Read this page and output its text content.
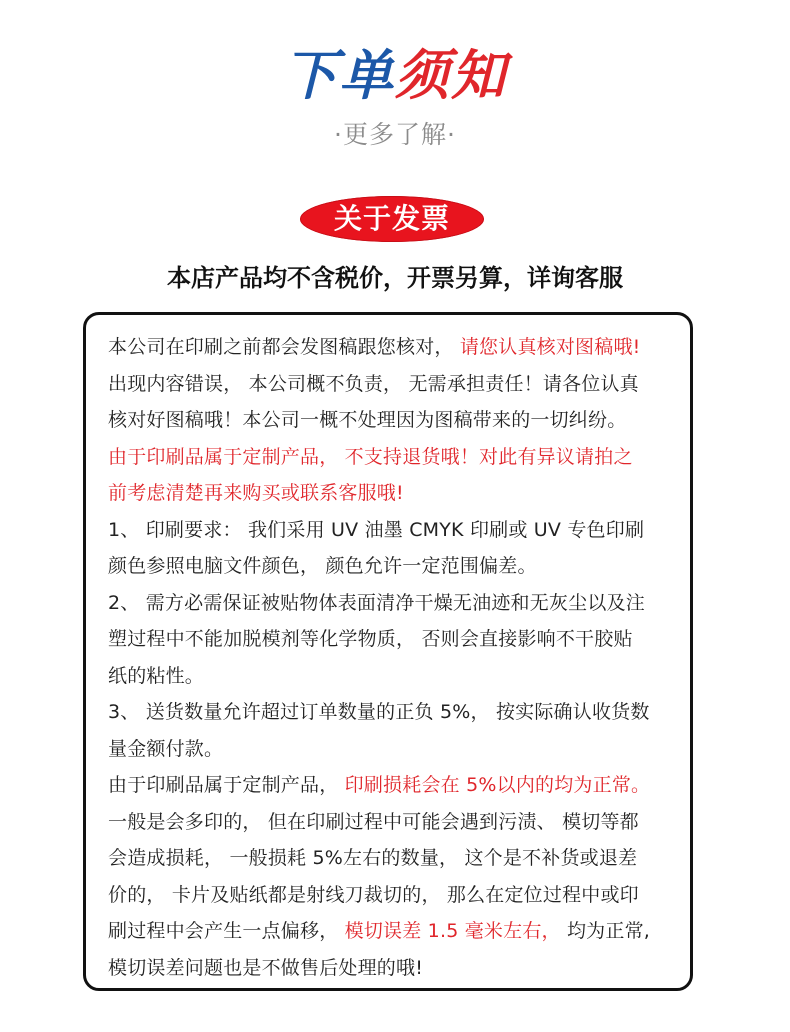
下单须知
·更多了解·
关于发票
本店产品均不含税价，开票另算，详询客服
本公司在印刷之前都会发图稿跟您核对， 请您认真核对图稿哦!
出现内容错误， 本公司概不负责， 无需承担责任！请各位认真
核对好图稿哦！本公司一概不处理因为图稿带来的一切纠纷。
由于印刷品属于定制产品， 不支持退货哦！对此有异议请拍之
前考虑清楚再来购买或联系客服哦!
1、 印刷要求： 我们采用 UV 油墨 CMYK 印刷或 UV 专色印刷
颜色参照电脑文件颜色， 颜色允许一定范围偏差。
2、 需方必需保证被贴物体表面清净干燥无油迹和无灰尘以及注
塑过程中不能加脱模剂等化学物质， 否则会直接影响不干胶贴
纸的粘性。
3、 送货数量允许超过订单数量的正负 5%， 按实际确认收货数
量金额付款。
由于印刷品属于定制产品， 印刷损耗会在 5%以内的均为正常。
一般是会多印的， 但在印刷过程中可能会遇到污渍、 模切等都
会造成损耗， 一般损耗 5%左右的数量， 这个是不补货或退差
价的， 卡片及贴纸都是射线刀裁切的， 那么在定位过程中或印
刷过程中会产生一点偏移， 模切误差 1.5 毫米左右， 均为正常,
模切误差问题也是不做售后处理的哦!
